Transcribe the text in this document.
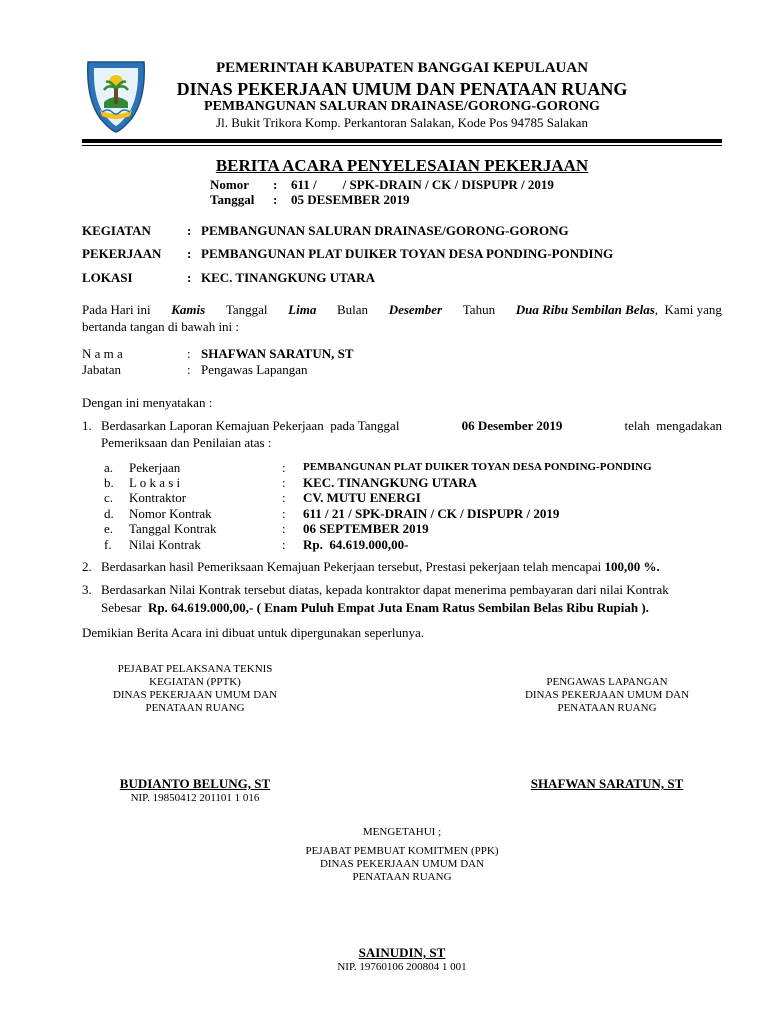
PEMERINTAH KABUPATEN BANGGAI KEPULAUAN
DINAS PEKERJAAN UMUM DAN PENATAAN RUANG
PEMBANGUNAN SALURAN DRAINASE/GORONG-GORONG
Jl. Bukit Trikora Komp. Perkantoran Salakan, Kode Pos 94785 Salakan
BERITA ACARA PENYELESAIAN PEKERJAAN
Nomor : 611 /        / SPK-DRAIN / CK / DISPUPR / 2019
Tanggal : 05 DESEMBER 2019
KEGIATAN	: PEMBANGUNAN SALURAN DRAINASE/GORONG-GORONG
PEKERJAAN : PEMBANGUNAN PLAT DUIKER TOYAN DESA PONDING-PONDING
LOKASI	: KEC. TINANGKUNG UTARA
Pada Hari ini Kamis Tanggal Lima Bulan Desember Tahun Dua Ribu Sembilan Belas,  Kami yang
bertanda tangan di bawah ini :
N a m a	: SHAFWAN SARATUN, ST
Jabatan	: Pengawas Lapangan
Dengan ini menyatakan :
1. Berdasarkan Laporan Kemajuan Pekerjaan  pada Tanggal	06 Desember 2019	telah  mengadakan
Pemeriksaan dan Penilaian atas :
a. Pekerjaan	: PEMBANGUNAN PLAT DUIKER TOYAN DESA PONDING-PONDING
b. L o k a s i	: KEC. TINANGKUNG UTARA
c. Kontraktor	: CV. MUTU ENERGI
d. Nomor Kontrak	: 611 / 21 / SPK-DRAIN / CK / DISPUPR / 2019
e. Tanggal Kontrak	: 06 SEPTEMBER 2019
f. Nilai Kontrak	: Rp.  64.619.000,00-
2. Berdasarkan hasil Pemeriksaan Kemajuan Pekerjaan tersebut, Prestasi pekerjaan telah mencapai 100,00 %.
3. Berdasarkan Nilai Kontrak tersebut diatas, kepada kontraktor dapat menerima pembayaran dari nilai Kontrak
Sebesar Rp. 64.619.000,00,- ( Enam Puluh Empat Juta Enam Ratus Sembilan Belas Ribu Rupiah ).
Demikian Berita Acara ini dibuat untuk dipergunakan seperlunya.
PEJABAT PELAKSANA TEKNIS
KEGIATAN (PPTK)
DINAS PEKERJAAN UMUM DAN
PENATAAN RUANG
BUDIANTO BELUNG, ST
NIP. 19850412 201101 1 016
PENGAWAS LAPANGAN
DINAS PEKERJAAN UMUM DAN
PENATAAN RUANG
SHAFWAN SARATUN, ST
MENGETAHUI ;
PEJABAT PEMBUAT KOMITMEN (PPK)
DINAS PEKERJAAN UMUM DAN
PENATAAN RUANG
SAINUDIN, ST
NIP. 19760106 200804 1 001
